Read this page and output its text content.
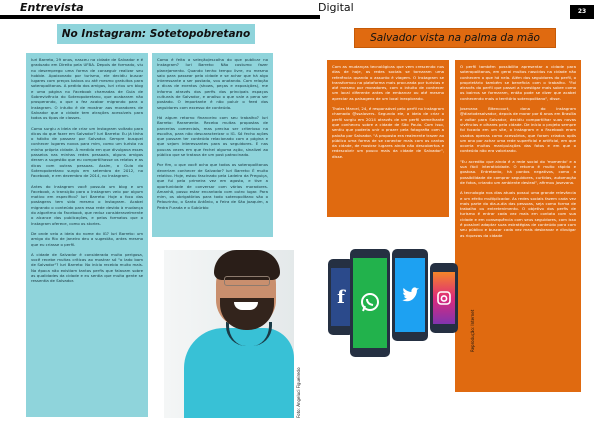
Entrevista	Digital	23
No Instagram: Sotetopobretano

Iuri Barreto, 29 anos, nasceu na cidade de Salvador e é graduado em Direito pela UFBA. Depois de formado, viu no desemprego uma forma de conseguir realizar seu hobbie. Apaixonado por turismo, ele decidiu buscar lugares com preços baixos ou até mesmo gratuitos para soteropolitanos. A pedido dos amigos, Iuri criou um blog e uma página no Facebook chamadas de Guia de Sobrevivência do Soteropobretano, que acabaram não prosperando, o que o fez acabar migrando para o Instagram. O intuito é de mostrar aos moradores de Salvador que a cidade tem atrações acessíveis para todos os tipos de classes.

Como surgiu a ideia de criar um Instagram voltado para dicas do que fazer em Salvador? Iuri Barreto: Eu já tinha o hábito de passear por Salvador. Sempre busquei conhecer lugares novos para mim, como um turista na minha própria cidade. À medida em que divulgava esses passeios nas minhas redes pessoais, alguns amigos deram a sugestão que eu compartilhasse os relatos e as dicas com outras pessoas. Assim, o Guia do Soteropobretano surgiu em setembro de 2012, no Facebook, e em dezembro de 2014, no Instagram.

Antes do Instagram você possuía um blog e um Facebook, a transição para o Instagram veio por algum motivo em específico? Iuri Barreto: Hoje o foco das postagens tem sido mesmo o Instagram. Acabei migrando o conteúdo para essa rede devido à mudança do algoritmo do Facebook, que reduz consideravelmente o alcance das publicações, e pelos formatos que o Instagram oferece, como os stories.

De onde veio a ideia do nome do IG? Iuri Barreto: um amigo do Rio de Janeiro deu a sugestão, antes mesmo que eu criasse o perfil.

A cidade de Salvador é considerada muito perigosa, você recebe muitas críticas ao mostrar só "o lado bom de Salvador"? Iuri Barreto: No início recebia muito mais. Na época não existiam tantos perfis que falavam sobre as qualidades da cidade e eu sentia que muita gente se ressentia de Salvador.

Como é feita a seleção/escolha do que publicar no Instagram? Iuri Barreto: Não costumo fazer planejamento. Quando tenho tempo livre, eu mesmo saio para passear pela cidade e se achar que há algo interessante a ser postado, vou anotando. Com relação a dicas de eventos (shows, peças e exposições), me informo através dos perfis dos principais espaços culturais de Salvador, e analiso o que vale a pena ser postado. O importante é não poluir o feed dos seguidores com excesso de conteúdo.

Há algum retorno financeiro com seu trabalho? Iuri Barreto: Raramente. Recebo muitas propostas de parcerias comerciais, mas preciso ser criterioso na escolha, para não descaracterizar o IG. Só fecho ações que possam ter conteúdo relacionado com a página e que sejam interessantes para os seguidores. E nas poucas vezes em que fechei alguma ação, sinalizei ao público que se tratava de um post patrocinado.

Por fim, o que você acha que todos os soteropolitanos deveriam conhecer de Salvador? Iuri Barreto: É muito relativo. Hoje, estou fascinado pela Ladeira da Preguiça, que fui pela primeira vez em agosto, e tive a oportunidade de conversar com vários moradores. Amanhã, posso estar encantado com outro lugar. Para mim, os obrigatórios para todo soteropolitano são o Pelourinho, o Santo Antônio, a Feira de São Joaquim, a Pedra Furada e o Subúrbio

Foto: Angeluci Figueiredo
Salvador vista na palma da mão

Com as mudanças tecnológicas que vem crescendo nos dias de hoje, as redes sociais se tornaram uma referência quando o assunto é viagem. O Instagram se transformou na plataforma mais procurada por turistas e até mesmo por moradores, com o intuito de conhecer um local diferente antes de embarcar ou até mesmo apreciar as paisagens de um local inexplorado.

Thales Marcel, 24, é responsável pelo perfil no Instagram chamado @ssalovers. Segundo ele, a ideia de criar o perfil surgiu em 2014 através de um perfil semelhante que conheceu sobre a cidade de São Paulo. Com isso, sentiu que poderia unir o prazer pela fotografia com a paixão por Salvador. "A proposta era realmente trazer ao público uma forma de se conectar mais com os cantos da cidade, de mostrar lugares ainda não descobertos e redescobrir um pouco mais da cidade de Salvador", disse.

O perfil também possibilita apresentar a cidade para soteropolitanos, em geral muitos nascidos na cidade não conhecem o que há nela. Além dos seguidores do perfil, o proprietário também se beneficia com o trabalho. "Foi através do perfil que passei a investigar mais sobre como os bairros se formaram, então pode se dizer que acabei conhecendo mais o território soteropolitano", disse.

Josevana Bitencourt, dona do Instagram @diariodesalvador, depois de morar por 6 anos em Brasília e voltar para Salvador, decidiu compartilhar suas novas vivências e olhares pela cidade. De início o projeto sempre foi focado em um site, o Instagram e o Facebook eram usados apenas como acessórios, que foram criados após um ano por achar uma rede superficial e artificial, em que ocorria muitas manipulações das fotos e em que o conteúdo não era valorizado.

"Eu acredito que ainda é a rede social do 'momento' e a sua fácil interatividade. O retorno é muito rápido e gostoso. Entretanto, há pontos negativos, como a possibilidade de comprar seguidores, curtidas, automação de fotos, criando um ambiente desleal", afirmou Josevana.

A tecnologia nos dias atuais possui uma grande relevância e um efeito multiplicador. As redes sociais fazem cada vez mais parte do dia-a-dia das pessoas, seja como forma de trabalho ou entretenimento. O objetivo dos perfis de turismo é entrar cada vez mais em contato com sua cidade e em consequência com seus seguidores, com isso é possível adaptar suas estratégias de conteúdo para com seu público e buscar cada vez mais desbravar e divulgar as riquezas da cidade

f
Reprodução: Internet
